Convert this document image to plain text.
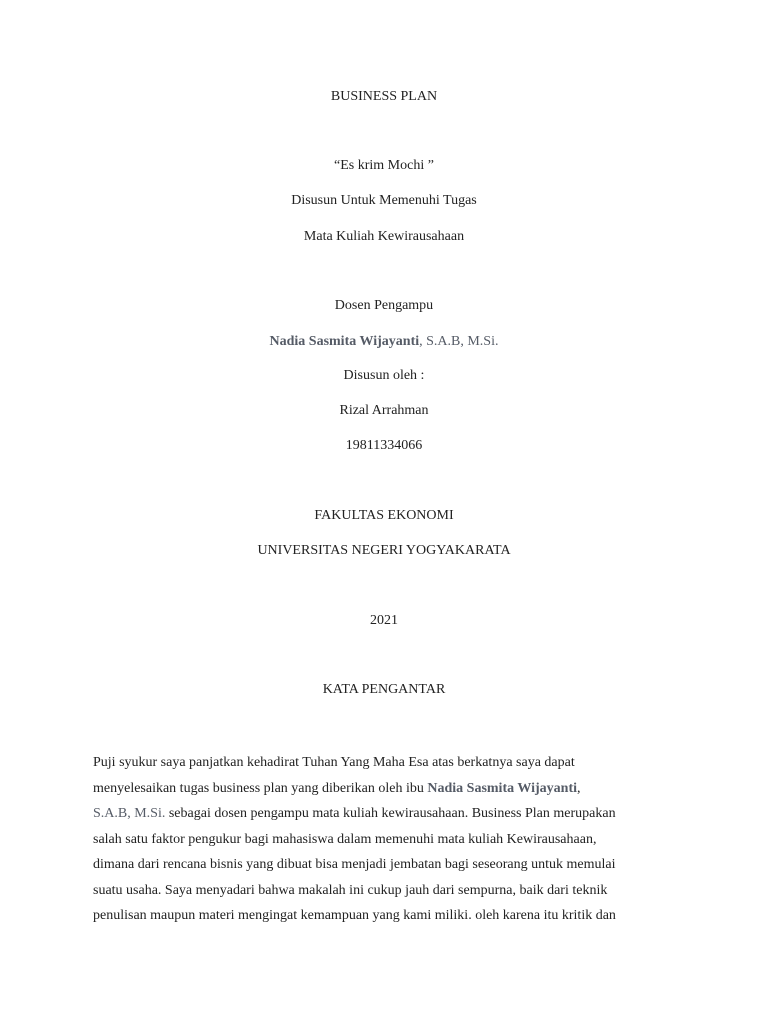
BUSINESS PLAN
“Es krim Mochi ”
Disusun Untuk Memenuhi Tugas
Mata Kuliah Kewirausahaan
Dosen Pengampu
Nadia Sasmita Wijayanti, S.A.B, M.Si.
Disusun oleh :
Rizal Arrahman
19811334066
FAKULTAS EKONOMI
UNIVERSITAS NEGERI YOGYAKARATA
2021
KATA PENGANTAR
Puji syukur saya panjatkan kehadirat Tuhan Yang Maha Esa atas berkatnya saya dapat
menyelesaikan tugas business plan yang diberikan oleh ibu Nadia Sasmita Wijayanti,
S.A.B, M.Si. sebagai dosen pengampu mata kuliah kewirausahaan. Business Plan merupakan
salah satu faktor pengukur bagi mahasiswa dalam memenuhi mata kuliah Kewirausahaan,
dimana dari rencana bisnis yang dibuat bisa menjadi jembatan bagi seseorang untuk memulai
suatu usaha. Saya menyadari bahwa makalah ini cukup jauh dari sempurna, baik dari teknik
penulisan maupun materi mengingat kemampuan yang kami miliki. oleh karena itu kritik dan
